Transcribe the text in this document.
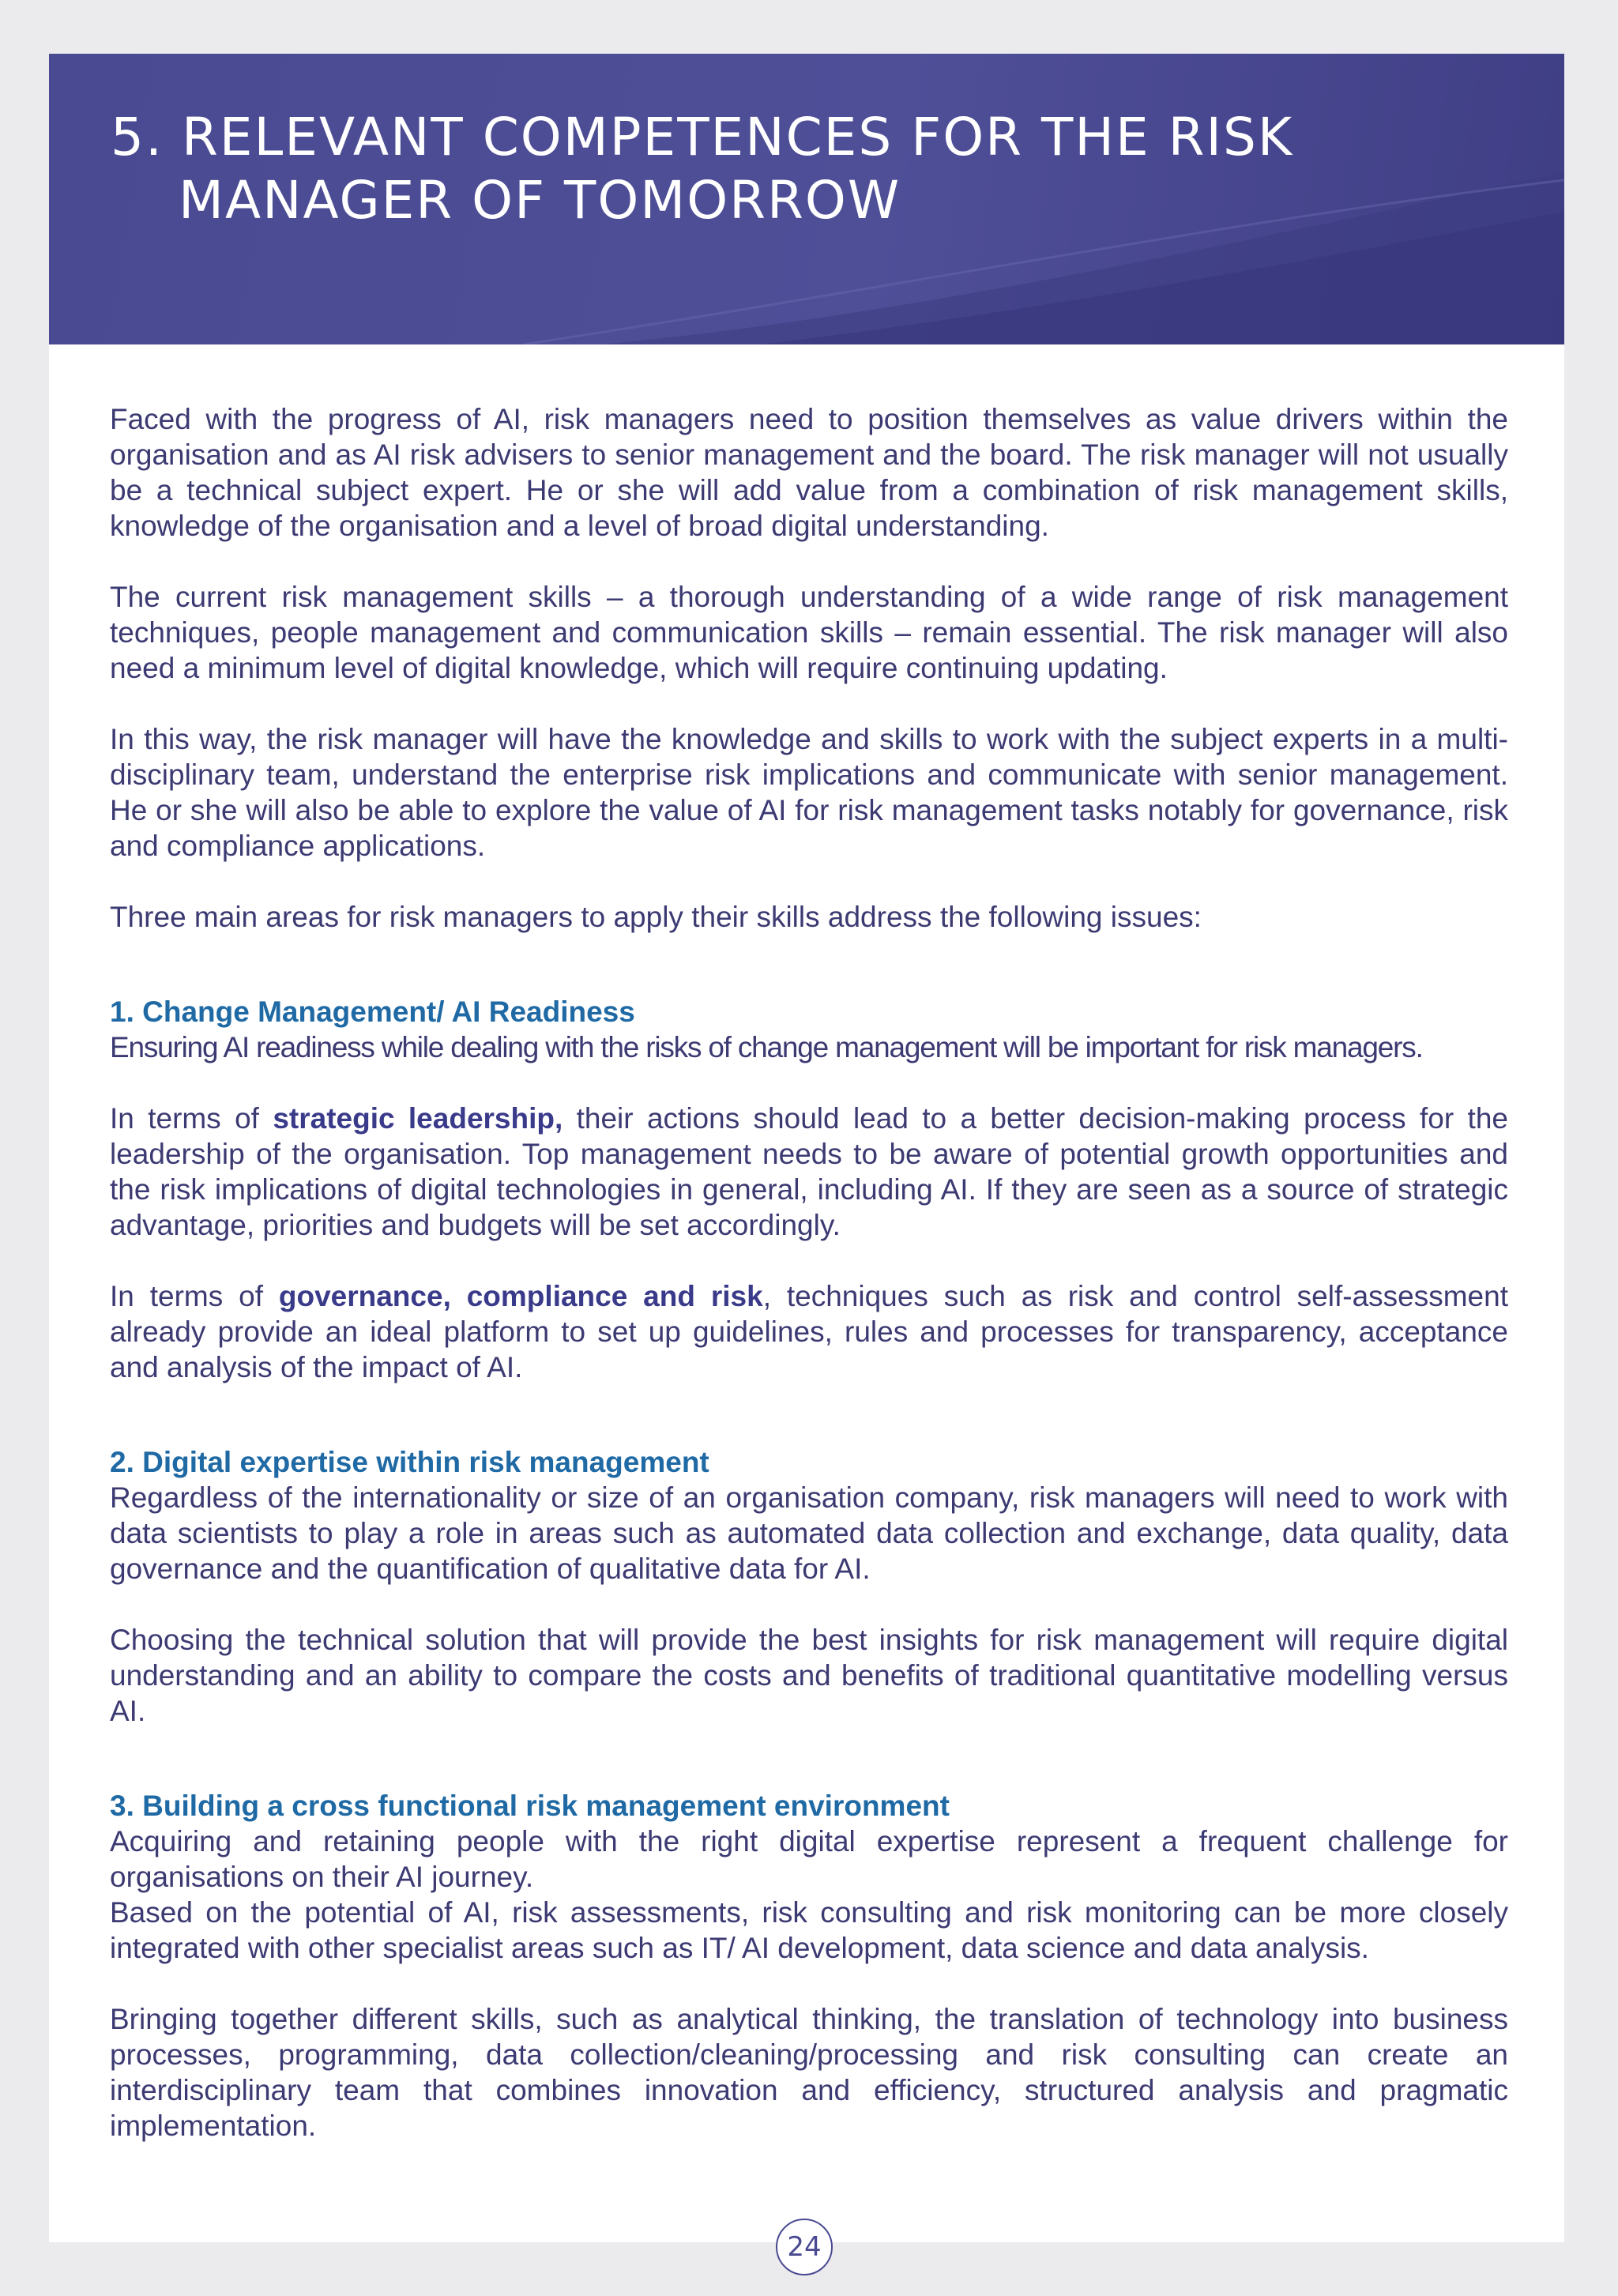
5. RELEVANT COMPETENCES FOR THE RISK
MANAGER OF TOMORROW

Faced with the progress of AI, risk managers need to position themselves as value drivers within the organisation and as AI risk advisers to senior management and the board. The risk manager will not usually be a technical subject expert. He or she will add value from a combination of risk management skills, knowledge of the organisation and a level of broad digital understanding.

The current risk management skills – a thorough understanding of a wide range of risk management techniques, people management and communication skills – remain essential. The risk manager will also need a minimum level of digital knowledge, which will require continuing updating.

In this way, the risk manager will have the knowledge and skills to work with the subject experts in a multi-disciplinary team, understand the enterprise risk implications and communicate with senior management. He or she will also be able to explore the value of AI for risk management tasks notably for governance, risk and compliance applications.

Three main areas for risk managers to apply their skills address the following issues:

1. Change Management/ AI Readiness

Ensuring AI readiness while dealing with the risks of change management will be important for risk managers.

In terms of strategic leadership, their actions should lead to a better decision-making process for the leadership of the organisation. Top management needs to be aware of potential growth opportunities and the risk implications of digital technologies in general, including AI. If they are seen as a source of strategic advantage, priorities and budgets will be set accordingly.

In terms of governance, compliance and risk, techniques such as risk and control self-assessment already provide an ideal platform to set up guidelines, rules and processes for transparency, acceptance and analysis of the impact of AI.

2. Digital expertise within risk management

Regardless of the internationality or size of an organisation company, risk managers will need to work with data scientists to play a role in areas such as automated data collection and exchange, data quality, data governance and the quantification of qualitative data for AI.

Choosing the technical solution that will provide the best insights for risk management will require digital understanding and an ability to compare the costs and benefits of traditional quantitative modelling versus AI.

3. Building a cross functional risk management environment

Acquiring and retaining people with the right digital expertise represent a frequent challenge for organisations on their AI journey.

Based on the potential of AI, risk assessments, risk consulting and risk monitoring can be more closely integrated with other specialist areas such as IT/ AI development, data science and data analysis.

Bringing together different skills, such as analytical thinking, the translation of technology into business processes, programming, data collection/cleaning/processing and risk consulting can create an interdisciplinary team that combines innovation and efficiency, structured analysis and pragmatic implementation.

24
